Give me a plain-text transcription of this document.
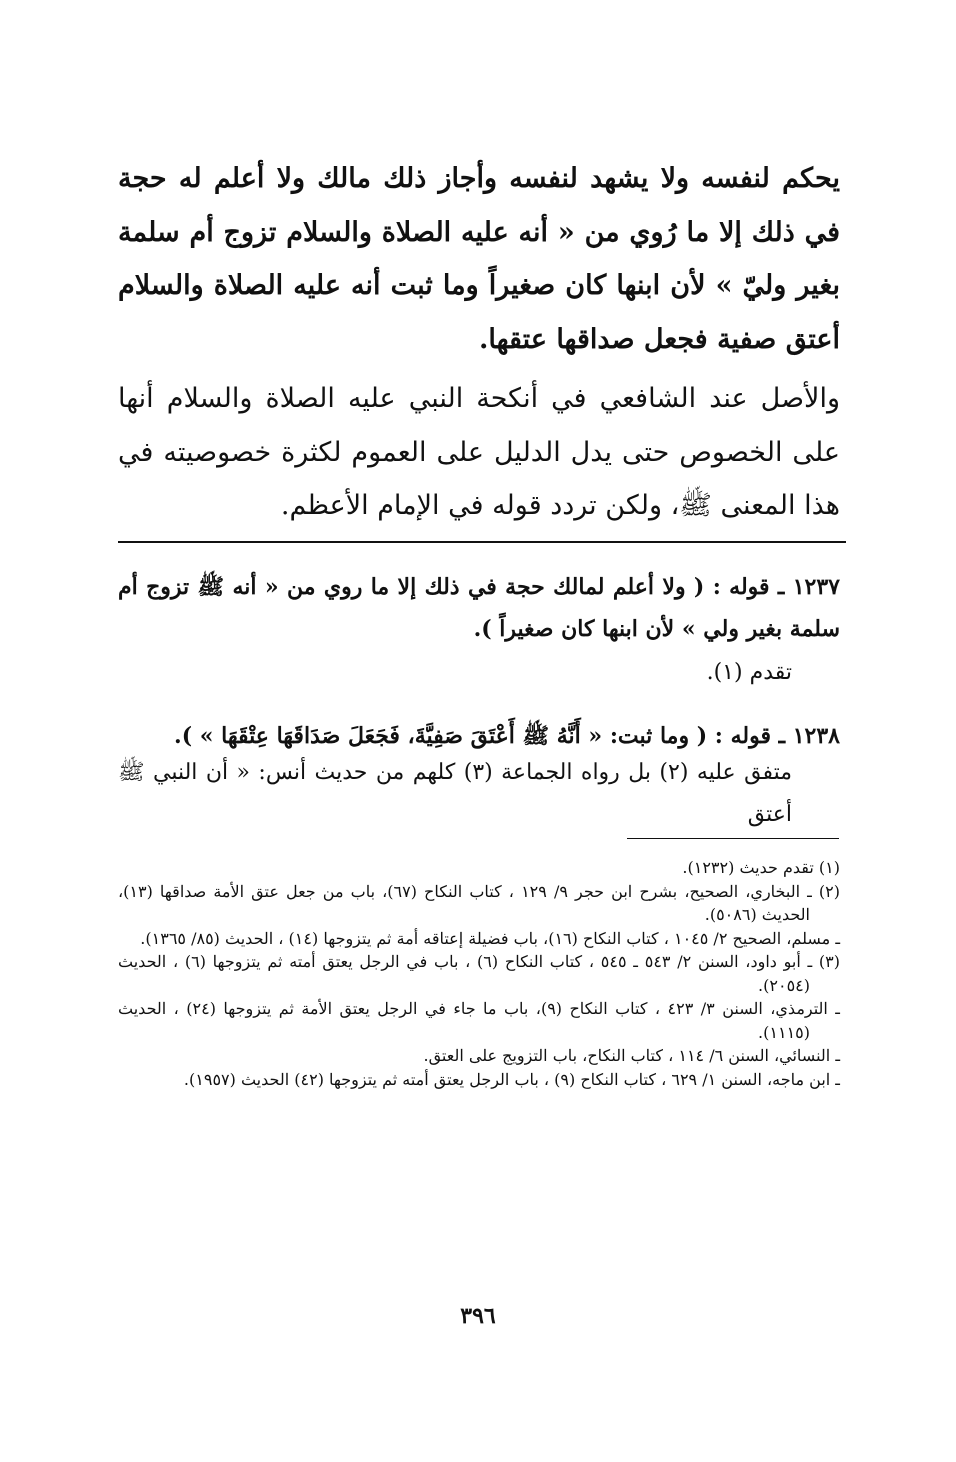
يحكم لنفسه ولا يشهد لنفسه وأجاز ذلك مالك ولا أعلم له حجة في ذلك إلا ما رُوي من « أنه عليه الصلاة والسلام تزوج أم سلمة بغير وليّ » لأن ابنها كان صغيراً وما ثبت أنه عليه الصلاة والسلام أعتق صفية فجعل صداقها عتقها.

والأصل عند الشافعي في أنكحة النبي عليه الصلاة والسلام أنها على الخصوص حتى يدل الدليل على العموم لكثرة خصوصيته في هذا المعنى ﷺ، ولكن تردد قوله في الإمام الأعظم.

١٢٣٧ ـ قوله : ( ولا أعلم لمالك حجة في ذلك إلا ما روي من « أنه ﷺ تزوج أم سلمة بغير ولي » لأن ابنها كان صغيراً ).

تقدم (١).

١٢٣٨ ـ قوله : ( وما ثبت: « أَنَّهُ ﷺ أَعْتَقَ صَفِيَّةَ، فَجَعَلَ صَدَاقَهَا عِتْقَهَا » ).

متفق عليه (٢) بل رواه الجماعة (٣) كلهم من حديث أنس: « أن النبي ﷺ أعتق

(١) تقدم حديث (١٢٣٢).
(٢) ـ البخاري، الصحيح، بشرح ابن حجر ٩/ ١٢٩ ، كتاب النكاح (٦٧)، باب من جعل عتق الأمة صداقها (١٣)، الحديث (٥٠٨٦).
ـ مسلم، الصحيح ٢/ ١٠٤٥ ، كتاب النكاح (١٦)، باب فضيلة إعتاقه أمة ثم يتزوجها (١٤) ، الحديث (٨٥/ ١٣٦٥).
(٣) ـ أبو داود، السنن ٢/ ٥٤٣ ـ ٥٤٥ ، كتاب النكاح (٦) ، باب في الرجل يعتق أمته ثم يتزوجها (٦) ، الحديث (٢٠٥٤).
ـ الترمذي، السنن ٣/ ٤٢٣ ، كتاب النكاح (٩)، باب ما جاء في الرجل يعتق الأمة ثم يتزوجها (٢٤) ، الحديث (١١١٥).
ـ النسائي، السنن ٦/ ١١٤ ، كتاب النكاح، باب التزويج على العتق.
ـ ابن ماجه، السنن ١/ ٦٢٩ ، كتاب النكاح (٩) ، باب الرجل يعتق أمته ثم يتزوجها (٤٢) الحديث (١٩٥٧).
٣٩٦
